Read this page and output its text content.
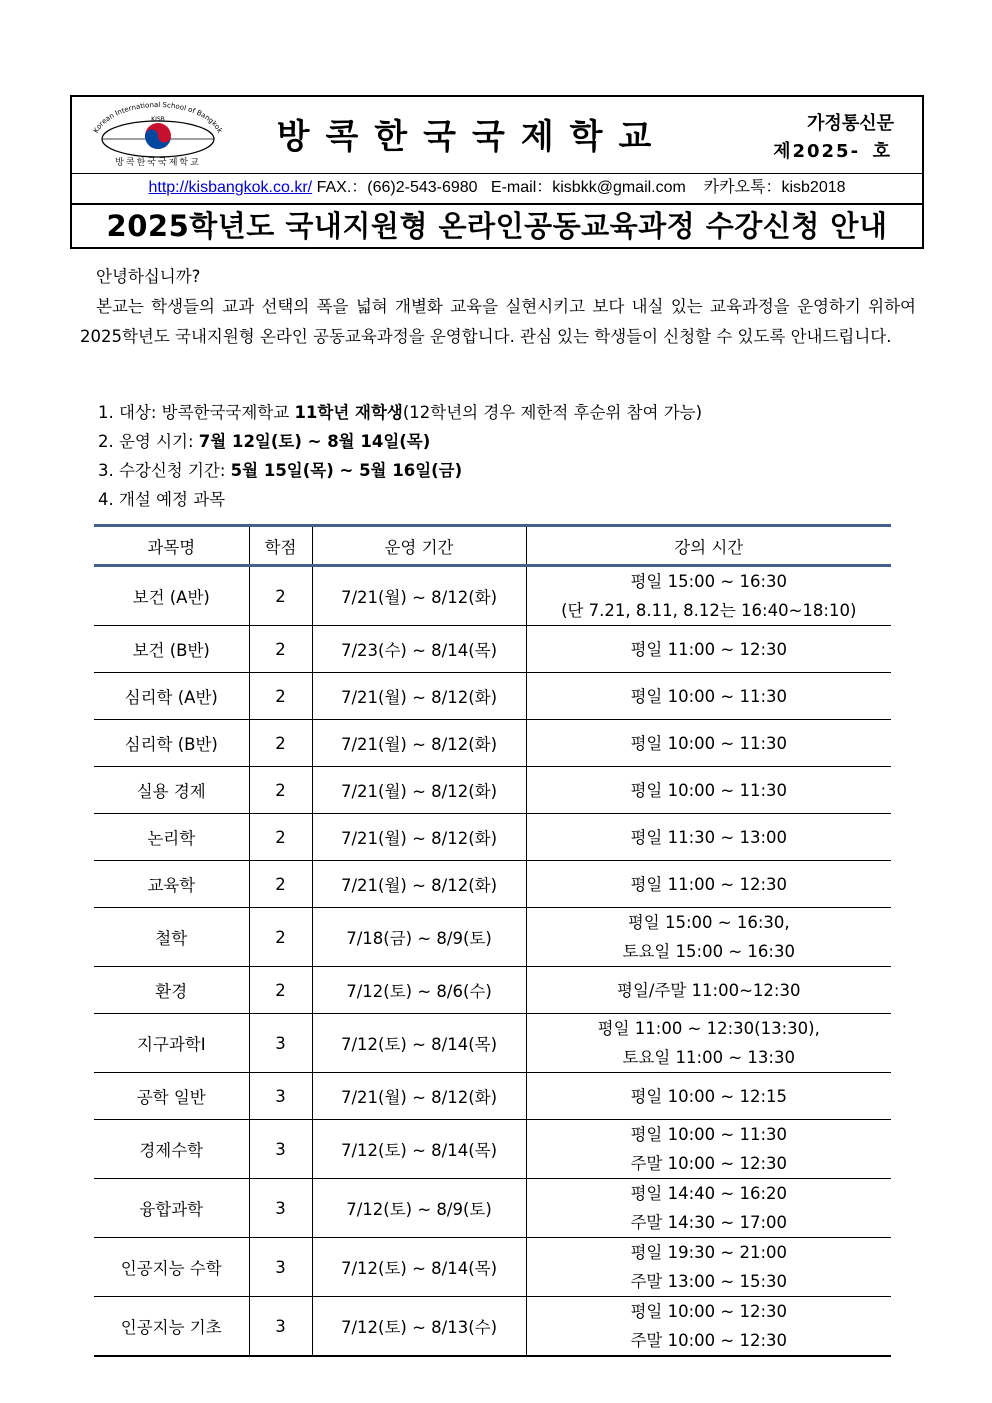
Korean International School of Bangkok
KISB
방콕한국국제학교
방콕한국국제학교	가정통신문
제2025- 호
http://kisbangkok.co.kr/ FAX.：(66)2-543-6980 E-mail：kisbkk@gmail.com 카카오톡：kisb2018
2025학년도 국내지원형 온라인공동교육과정 수강신청 안내

안녕하십니까?

본교는 학생들의 교과 선택의 폭을 넓혀 개별화 교육을 실현시키고 보다 내실 있는 교육과정을 운영하기 위하여 2025학년도 국내지원형 온라인 공동교육과정을 운영합니다. 관심 있는 학생들이 신청할 수 있도록 안내드립니다.

1. 대상: 방콕한국국제학교 11학년 재학생(12학년의 경우 제한적 후순위 참여 가능)
2. 운영 시기: 7월 12일(토) ~ 8월 14일(목)
3. 수강신청 기간: 5월 15일(목) ~ 5월 16일(금)
4. 개설 예정 과목
과목명	학점	운영 기간	강의 시간
보건 (A반)	2	7/21(월) ~ 8/12(화)	평일 15:00 ~ 16:30
(단 7.21, 8.11, 8.12는 16:40~18:10)

보건 (B반)	2	7/23(수) ~ 8/14(목)	평일 11:00 ~ 12:30

심리학 (A반)	2	7/21(월) ~ 8/12(화)	평일 10:00 ~ 11:30

심리학 (B반)	2	7/21(월) ~ 8/12(화)	평일 10:00 ~ 11:30

실용 경제	2	7/21(월) ~ 8/12(화)	평일 10:00 ~ 11:30

논리학	2	7/21(월) ~ 8/12(화)	평일 11:30 ~ 13:00

교육학	2	7/21(월) ~ 8/12(화)	평일 11:00 ~ 12:30

철학	2	7/18(금) ~ 8/9(토)	평일 15:00 ~ 16:30,
토요일 15:00 ~ 16:30

환경	2	7/12(토) ~ 8/6(수)	평일/주말 11:00~12:30

지구과학Ⅰ	3	7/12(토) ~ 8/14(목)	평일 11:00 ~ 12:30(13:30),
토요일 11:00 ~ 13:30

공학 일반	3	7/21(월) ~ 8/12(화)	평일 10:00 ~ 12:15

경제수학	3	7/12(토) ~ 8/14(목)	평일 10:00 ~ 11:30
주말 10:00 ~ 12:30

융합과학	3	7/12(토) ~ 8/9(토)	평일 14:40 ~ 16:20
주말 14:30 ~ 17:00

인공지능 수학	3	7/12(토) ~ 8/14(목)	평일 19:30 ~ 21:00
주말 13:00 ~ 15:30

인공지능 기초	3	7/12(토) ~ 8/13(수)	평일 10:00 ~ 12:30
주말 10:00 ~ 12:30
